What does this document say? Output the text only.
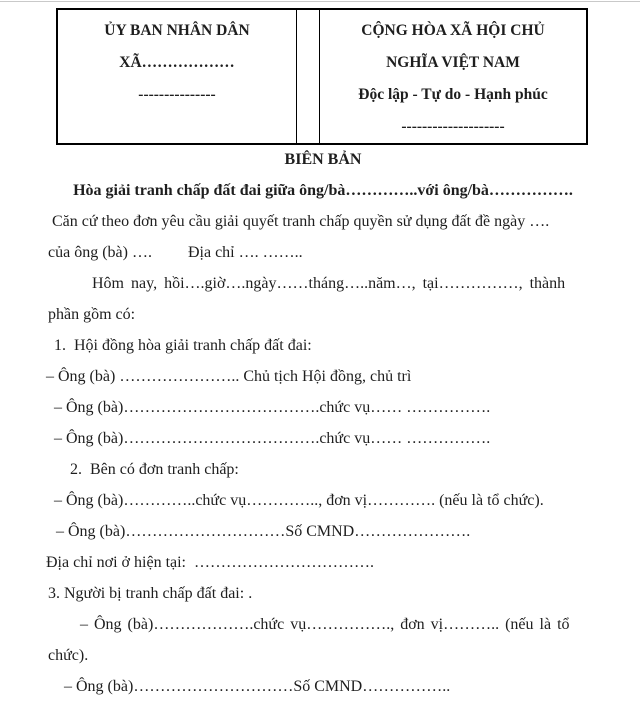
ỦY BAN NHÂN DÂN
XÃ………………
---------------

CỘNG HÒA XÃ HỘI CHỦ
NGHĨA VIỆT NAM
Độc lập - Tự do - Hạnh phúc
--------------------
BIÊN BẢN
Hòa giải tranh chấp đất đai giữa ông/bà…………..với ông/bà…………….
Căn cứ theo đơn yêu cầu giải quyết tranh chấp quyền sử dụng đất đề ngày ….
của ông (bà) ….         Địa chỉ …. ……..
Hôm nay, hồi….giờ….ngày……tháng…..năm…, tại……………, thành
phần gồm có:
1.  Hội đồng hòa giải tranh chấp đất đai:
– Ông (bà) ………………….. Chủ tịch Hội đồng, chủ trì
– Ông (bà)……………………………….chức vụ…… …………….
– Ông (bà)……………………………….chức vụ…… …………….
2.  Bên có đơn tranh chấp:
– Ông (bà)…………..chức vụ………….., đơn vị…………. (nếu là tổ chức).
– Ông (bà)…………………………Số CMND………………….
Địa chỉ nơi ở hiện tại:  …………………………….
3. Người bị tranh chấp đất đai: .
– Ông (bà)……………….chức vụ……………., đơn vị……….. (nếu là tổ
chức).
– Ông (bà)…………………………Số CMND……………..
